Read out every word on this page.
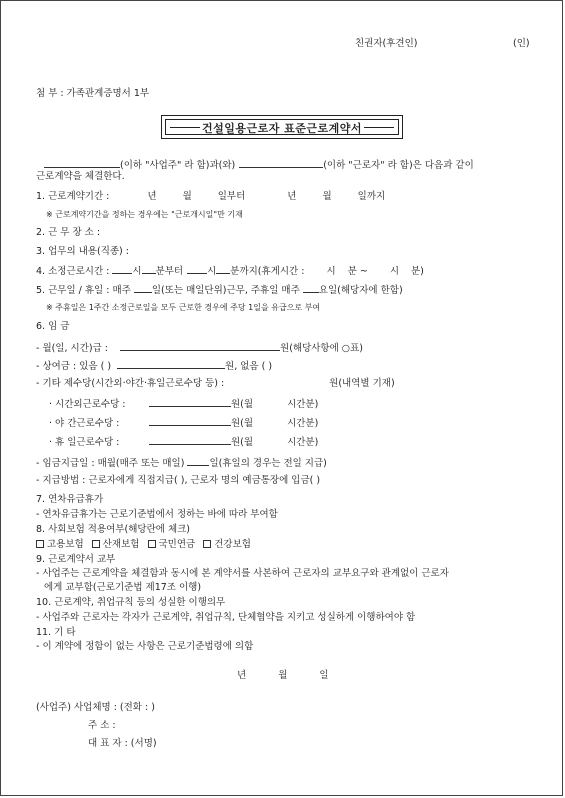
친권자(후견인)	(인)
첨 부 : 가족관계증명서 1부
건설일용근로자 표준근로계약서
(이하 "사업주" 라 함)과(와)	(이하 "근로자" 라 함)은 다음과 같이
근로계약을 체결한다.
1. 근로계약기간 :	년	월	일부터	년	월	일까지
※ 근로계약기간을 정하는 경우에는 "근로개시일"만 기재
2. 근 무 장 소 :
3. 업무의 내용(직종) :
4. 소정근로시간 : 시 분부터	시 분까지(휴게시간 : 시 분 ~ 시 분)
5. 근무일 / 휴일 : 매주 일(또는 매일단위)근무, 주휴일 매주 요일(해당자에 한함)
※ 주휴일은 1주간 소정근로일을 모두 근로한 경우에 주당 1일을 유급으로 부여
6. 임 금
- 월(일, 시간)급 :	원(해당사항에 ○표)
- 상여금 : 있음 ( )	원, 없음 ( )
- 기타 제수당(시간외·야간·휴일근로수당 등) :	원(내역별 기재)
· 시간외근로수당 :	원(월	시간분)
· 야 간근로수당 :	원(월	시간분)
· 휴 일근로수당 :	원(월	시간분)
- 임금지급일 : 매월(매주 또는 매일)	일(휴일의 경우는 전일 지급)
- 지급방법 : 근로자에게 직접지급( ), 근로자 명의 예금통장에 입금( )
7. 연차유급휴가
- 연차유급휴가는 근로기준법에서 정하는 바에 따라 부여함
8. 사회보험 적용여부(해당란에 체크)
고용보험 산재보험 국민연금 건강보험
9. 근로계약서 교부
- 사업주는 근로계약을 체결함과 동시에 본 계약서를 사본하여 근로자의 교부요구와 관계없이 근로자
에게 교부함(근로기준법 제17조 이행)
10. 근로계약, 취업규칙 등의 성실한 이행의무
- 사업주와 근로자는 각자가 근로계약, 취업규칙, 단체협약을 지키고 성실하게 이행하여야 함
11. 기 타
- 이 계약에 정함이 없는 사항은 근로기준법령에 의함
년	월	일
(사업주) 사업체명 : (전화 : )
주 소 :
대 표 자 : (서명)
